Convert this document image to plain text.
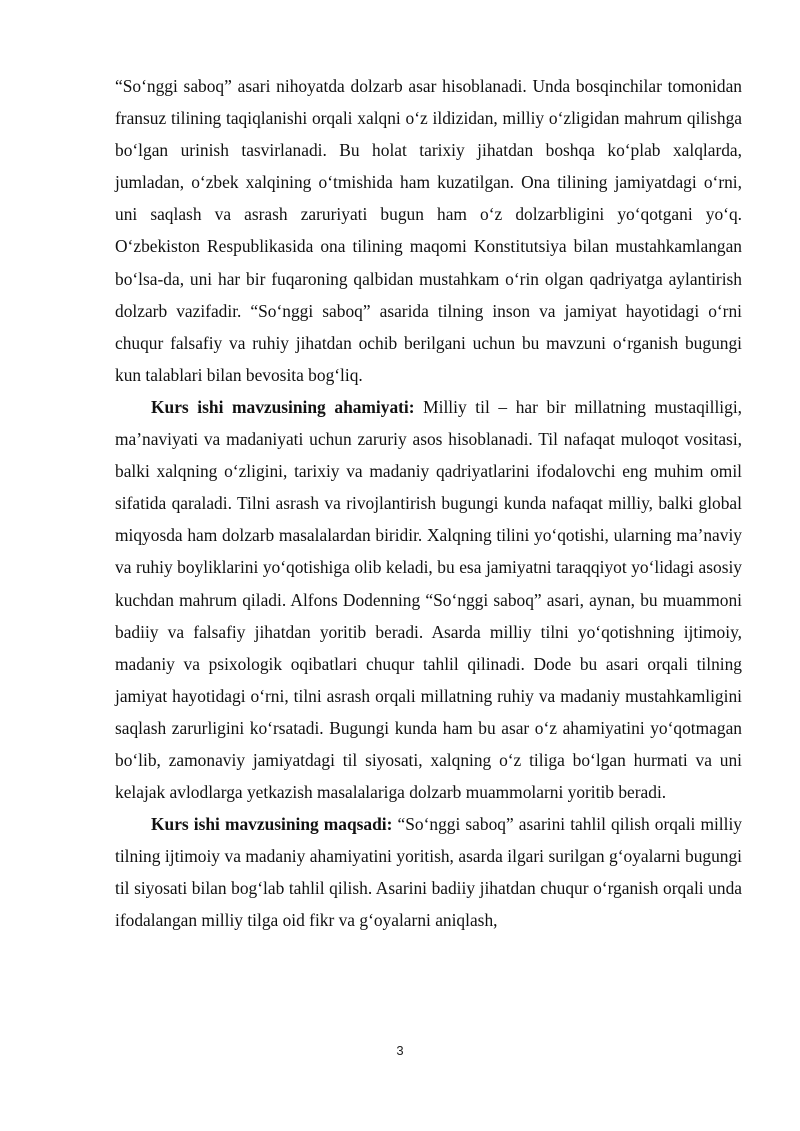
“So‘nggi saboq” asari nihoyatda dolzarb asar hisoblanadi. Unda bosqinchilar tomonidan fransuz tilining taqiqlanishi orqali xalqni o‘z ildizidan, milliy o‘zligidan mahrum qilishga bo‘lgan urinish tasvirlanadi. Bu holat tarixiy jihatdan boshqa ko‘plab xalqlarda, jumladan, o‘zbek xalqining o‘tmishida ham kuzatilgan. Ona tilining jamiyatdagi o‘rni, uni saqlash va asrash zaruriyati bugun ham o‘z dolzarbligini yo‘qotgani yo‘q. O‘zbekiston Respublikasida ona tilining maqomi Konstitutsiya bilan mustahkamlangan bo‘lsa-da, uni har bir fuqaroning qalbidan mustahkam o‘rin olgan qadriyatga aylantirish dolzarb vazifadir. “So‘nggi saboq” asarida tilning inson va jamiyat hayotidagi o‘rni chuqur falsafiy va ruhiy jihatdan ochib berilgani uchun bu mavzuni o‘rganish bugungi kun talablari bilan bevosita bog‘liq.

Kurs ishi mavzusining ahamiyati: Milliy til – har bir millatning mustaqilligi, ma’naviyati va madaniyati uchun zaruriy asos hisoblanadi. Til nafaqat muloqot vositasi, balki xalqning o‘zligini, tarixiy va madaniy qadriyatlarini ifodalovchi eng muhim omil sifatida qaraladi. Tilni asrash va rivojlantirish bugungi kunda nafaqat milliy, balki global miqyosda ham dolzarb masalalardan biridir. Xalqning tilini yo‘qotishi, ularning ma’naviy va ruhiy boyliklarini yo‘qotishiga olib keladi, bu esa jamiyatni taraqqiyot yo‘lidagi asosiy kuchdan mahrum qiladi. Alfons Dodenning “So‘nggi saboq” asari, aynan, bu muammoni badiiy va falsafiy jihatdan yoritib beradi. Asarda milliy tilni yo‘qotishning ijtimoiy, madaniy va psixologik oqibatlari chuqur tahlil qilinadi. Dode bu asari orqali tilning jamiyat hayotidagi o‘rni, tilni asrash orqali millatning ruhiy va madaniy mustahkamligini saqlash zarurligini ko‘rsatadi. Bugungi kunda ham bu asar o‘z ahamiyatini yo‘qotmagan bo‘lib, zamonaviy jamiyatdagi til siyosati, xalqning o‘z tiliga bo‘lgan hurmati va uni kelajak avlodlarga yetkazish masalalariga dolzarb muammolarni yoritib beradi.

Kurs ishi mavzusining maqsadi: “So‘nggi saboq” asarini tahlil qilish orqali milliy tilning ijtimoiy va madaniy ahamiyatini yoritish, asarda ilgari surilgan g‘oyalarni bugungi til siyosati bilan bog‘lab tahlil qilish. Asarini badiiy jihatdan chuqur o‘rganish orqali unda ifodalangan milliy tilga oid fikr va g‘oyalarni aniqlash,

3
